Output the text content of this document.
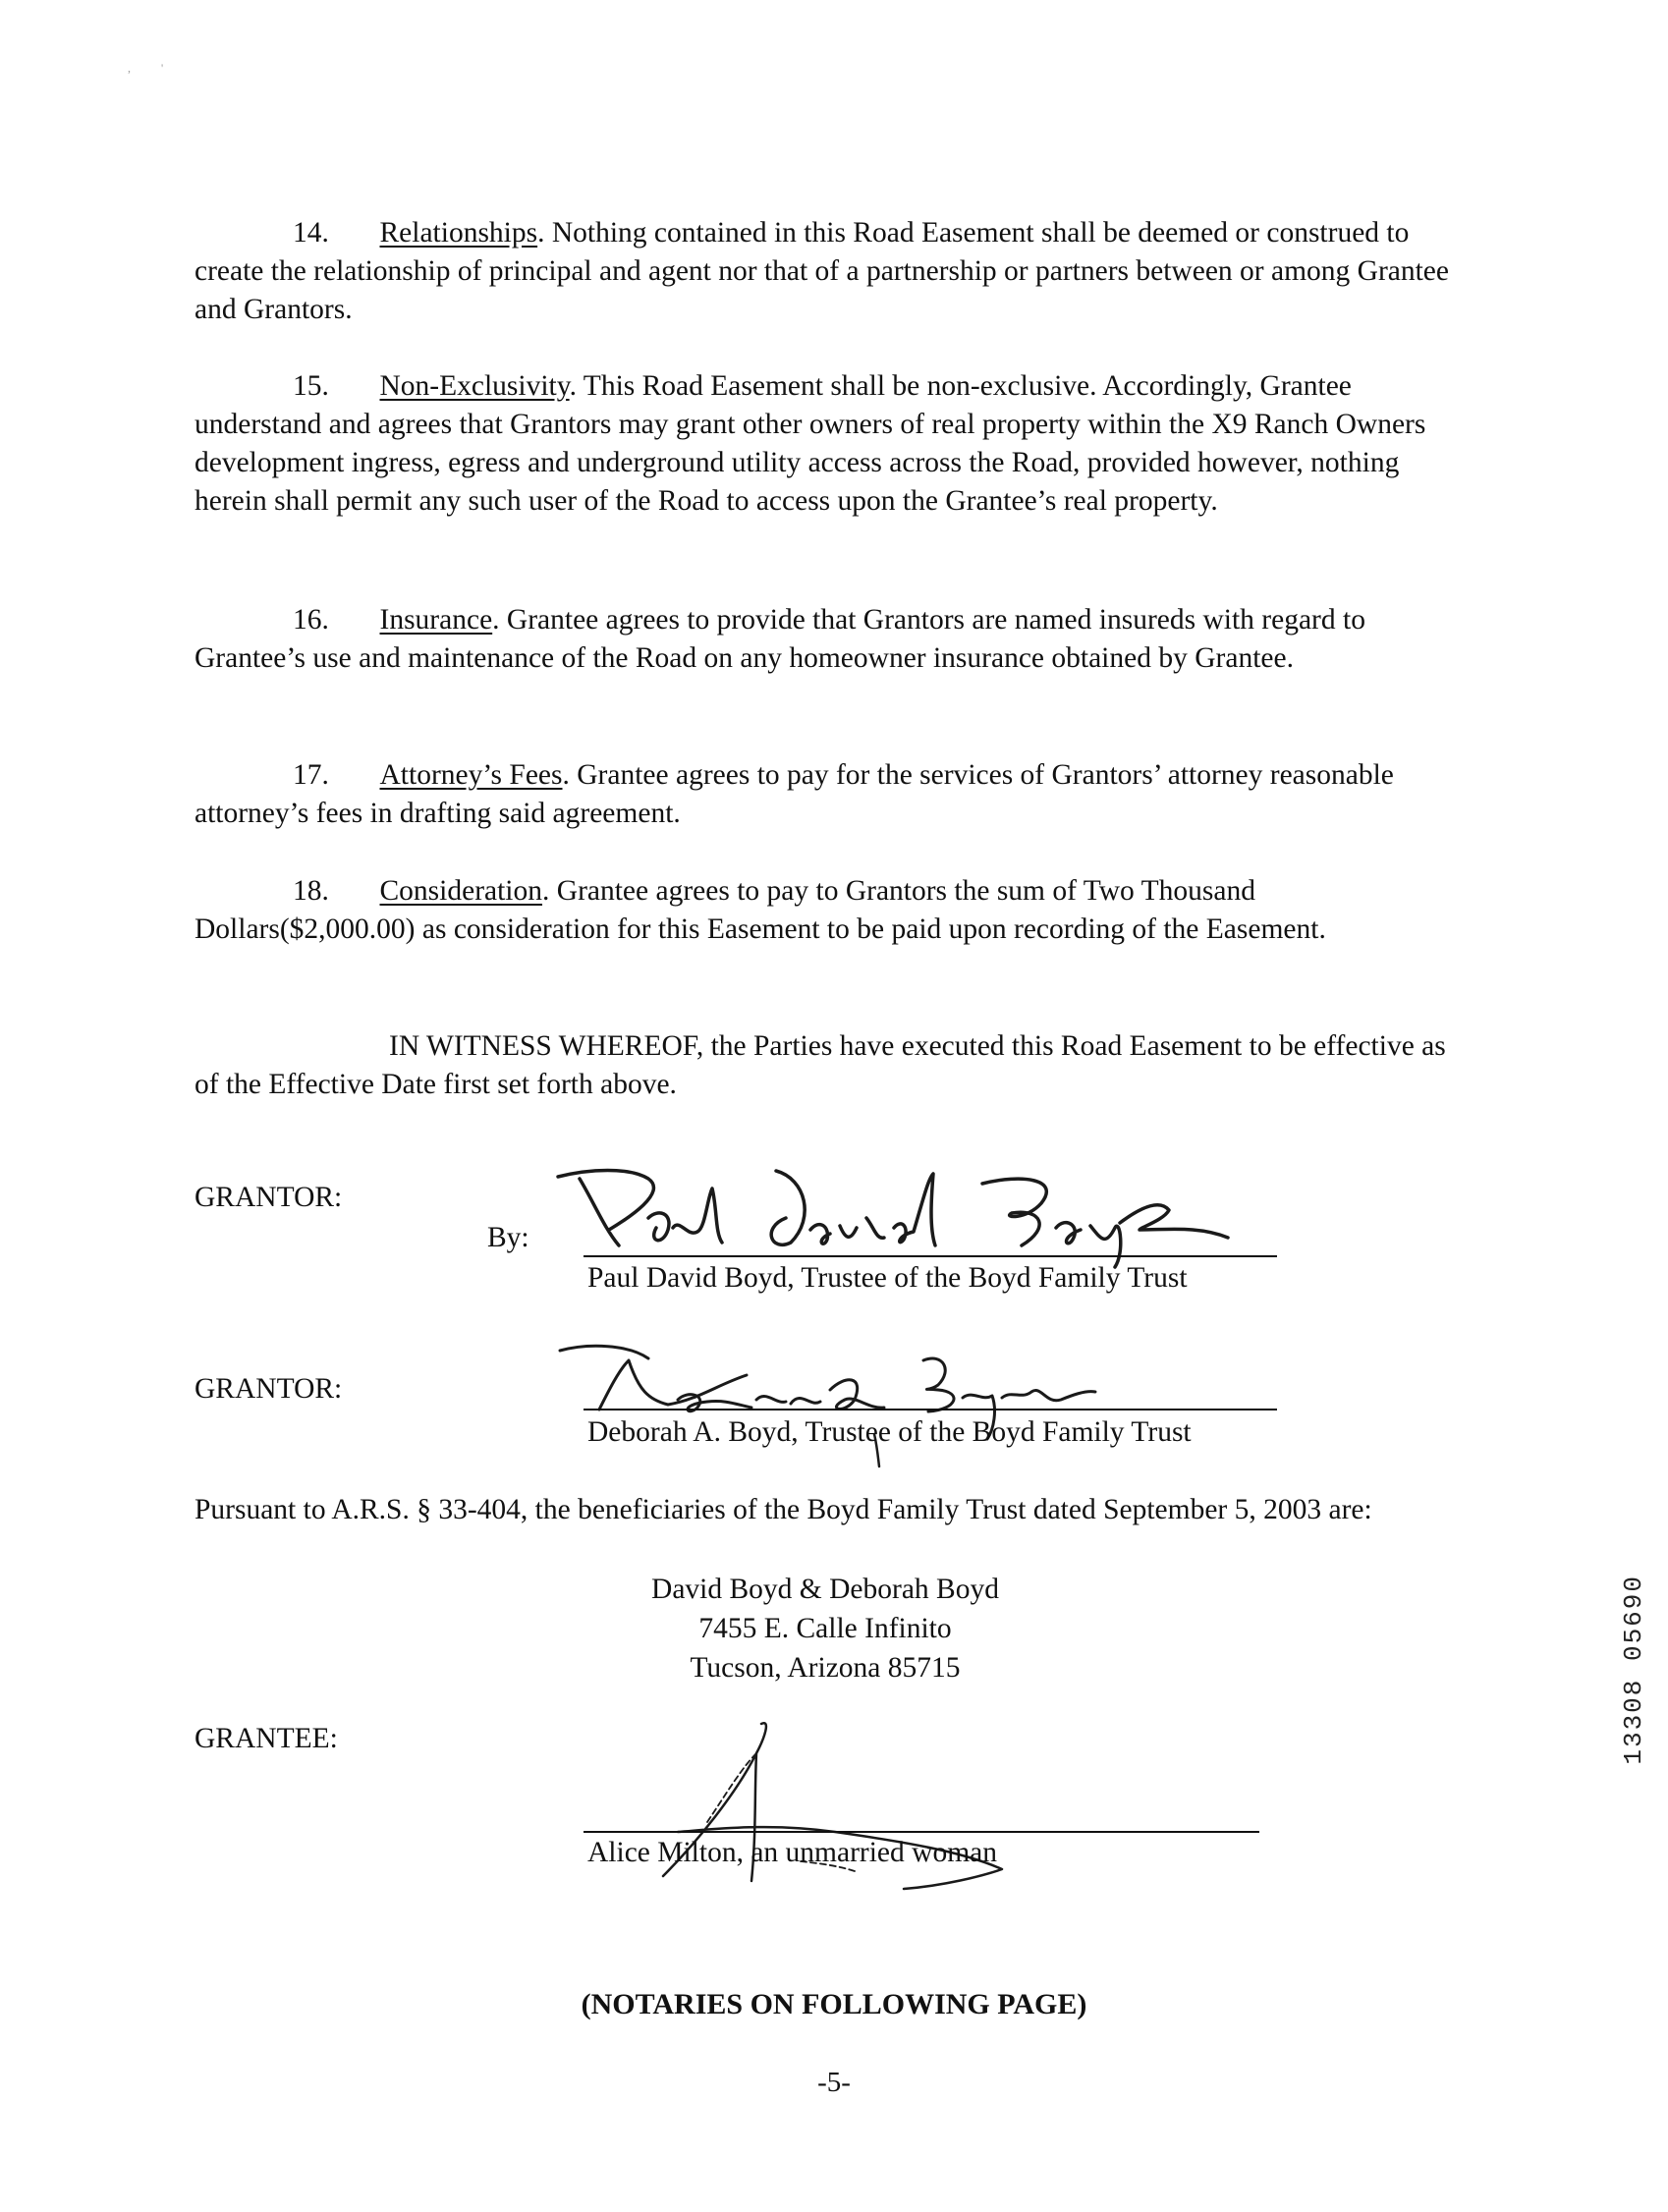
, '

14. Relationships. Nothing contained in this Road Easement shall be deemed or construed to create the relationship of principal and agent nor that of a partnership or partners between or among Grantee and Grantors.

15. Non-Exclusivity. This Road Easement shall be non-exclusive. Accordingly, Grantee understand and agrees that Grantors may grant other owners of real property within the X9 Ranch Owners development ingress, egress and underground utility access across the Road, provided however, nothing herein shall permit any such user of the Road to access upon the Grantee’s real property.

16. Insurance. Grantee agrees to provide that Grantors are named insureds with regard to Grantee’s use and maintenance of the Road on any homeowner insurance obtained by Grantee.

17. Attorney’s Fees. Grantee agrees to pay for the services of Grantors’ attorney reasonable attorney’s fees in drafting said agreement.

18. Consideration. Grantee agrees to pay to Grantors the sum of Two Thousand Dollars($2,000.00) as consideration for this Easement to be paid upon recording of the Easement.

IN WITNESS WHEREOF, the Parties have executed this Road Easement to be effective as of the Effective Date first set forth above.

GRANTOR:
By:
Paul David Boyd, Trustee of the Boyd Family Trust
GRANTOR:
Deborah A. Boyd, Trustee of the Boyd Family Trust

Pursuant to A.R.S. § 33-404, the beneficiaries of the Boyd Family Trust dated September 5, 2003 are:

David Boyd & Deborah Boyd
7455 E. Calle Infinito
Tucson, Arizona 85715
GRANTEE:
Alice Milton, an unmarried woman
(NOTARIES ON FOLLOWING PAGE)
-5-
13308 05690
